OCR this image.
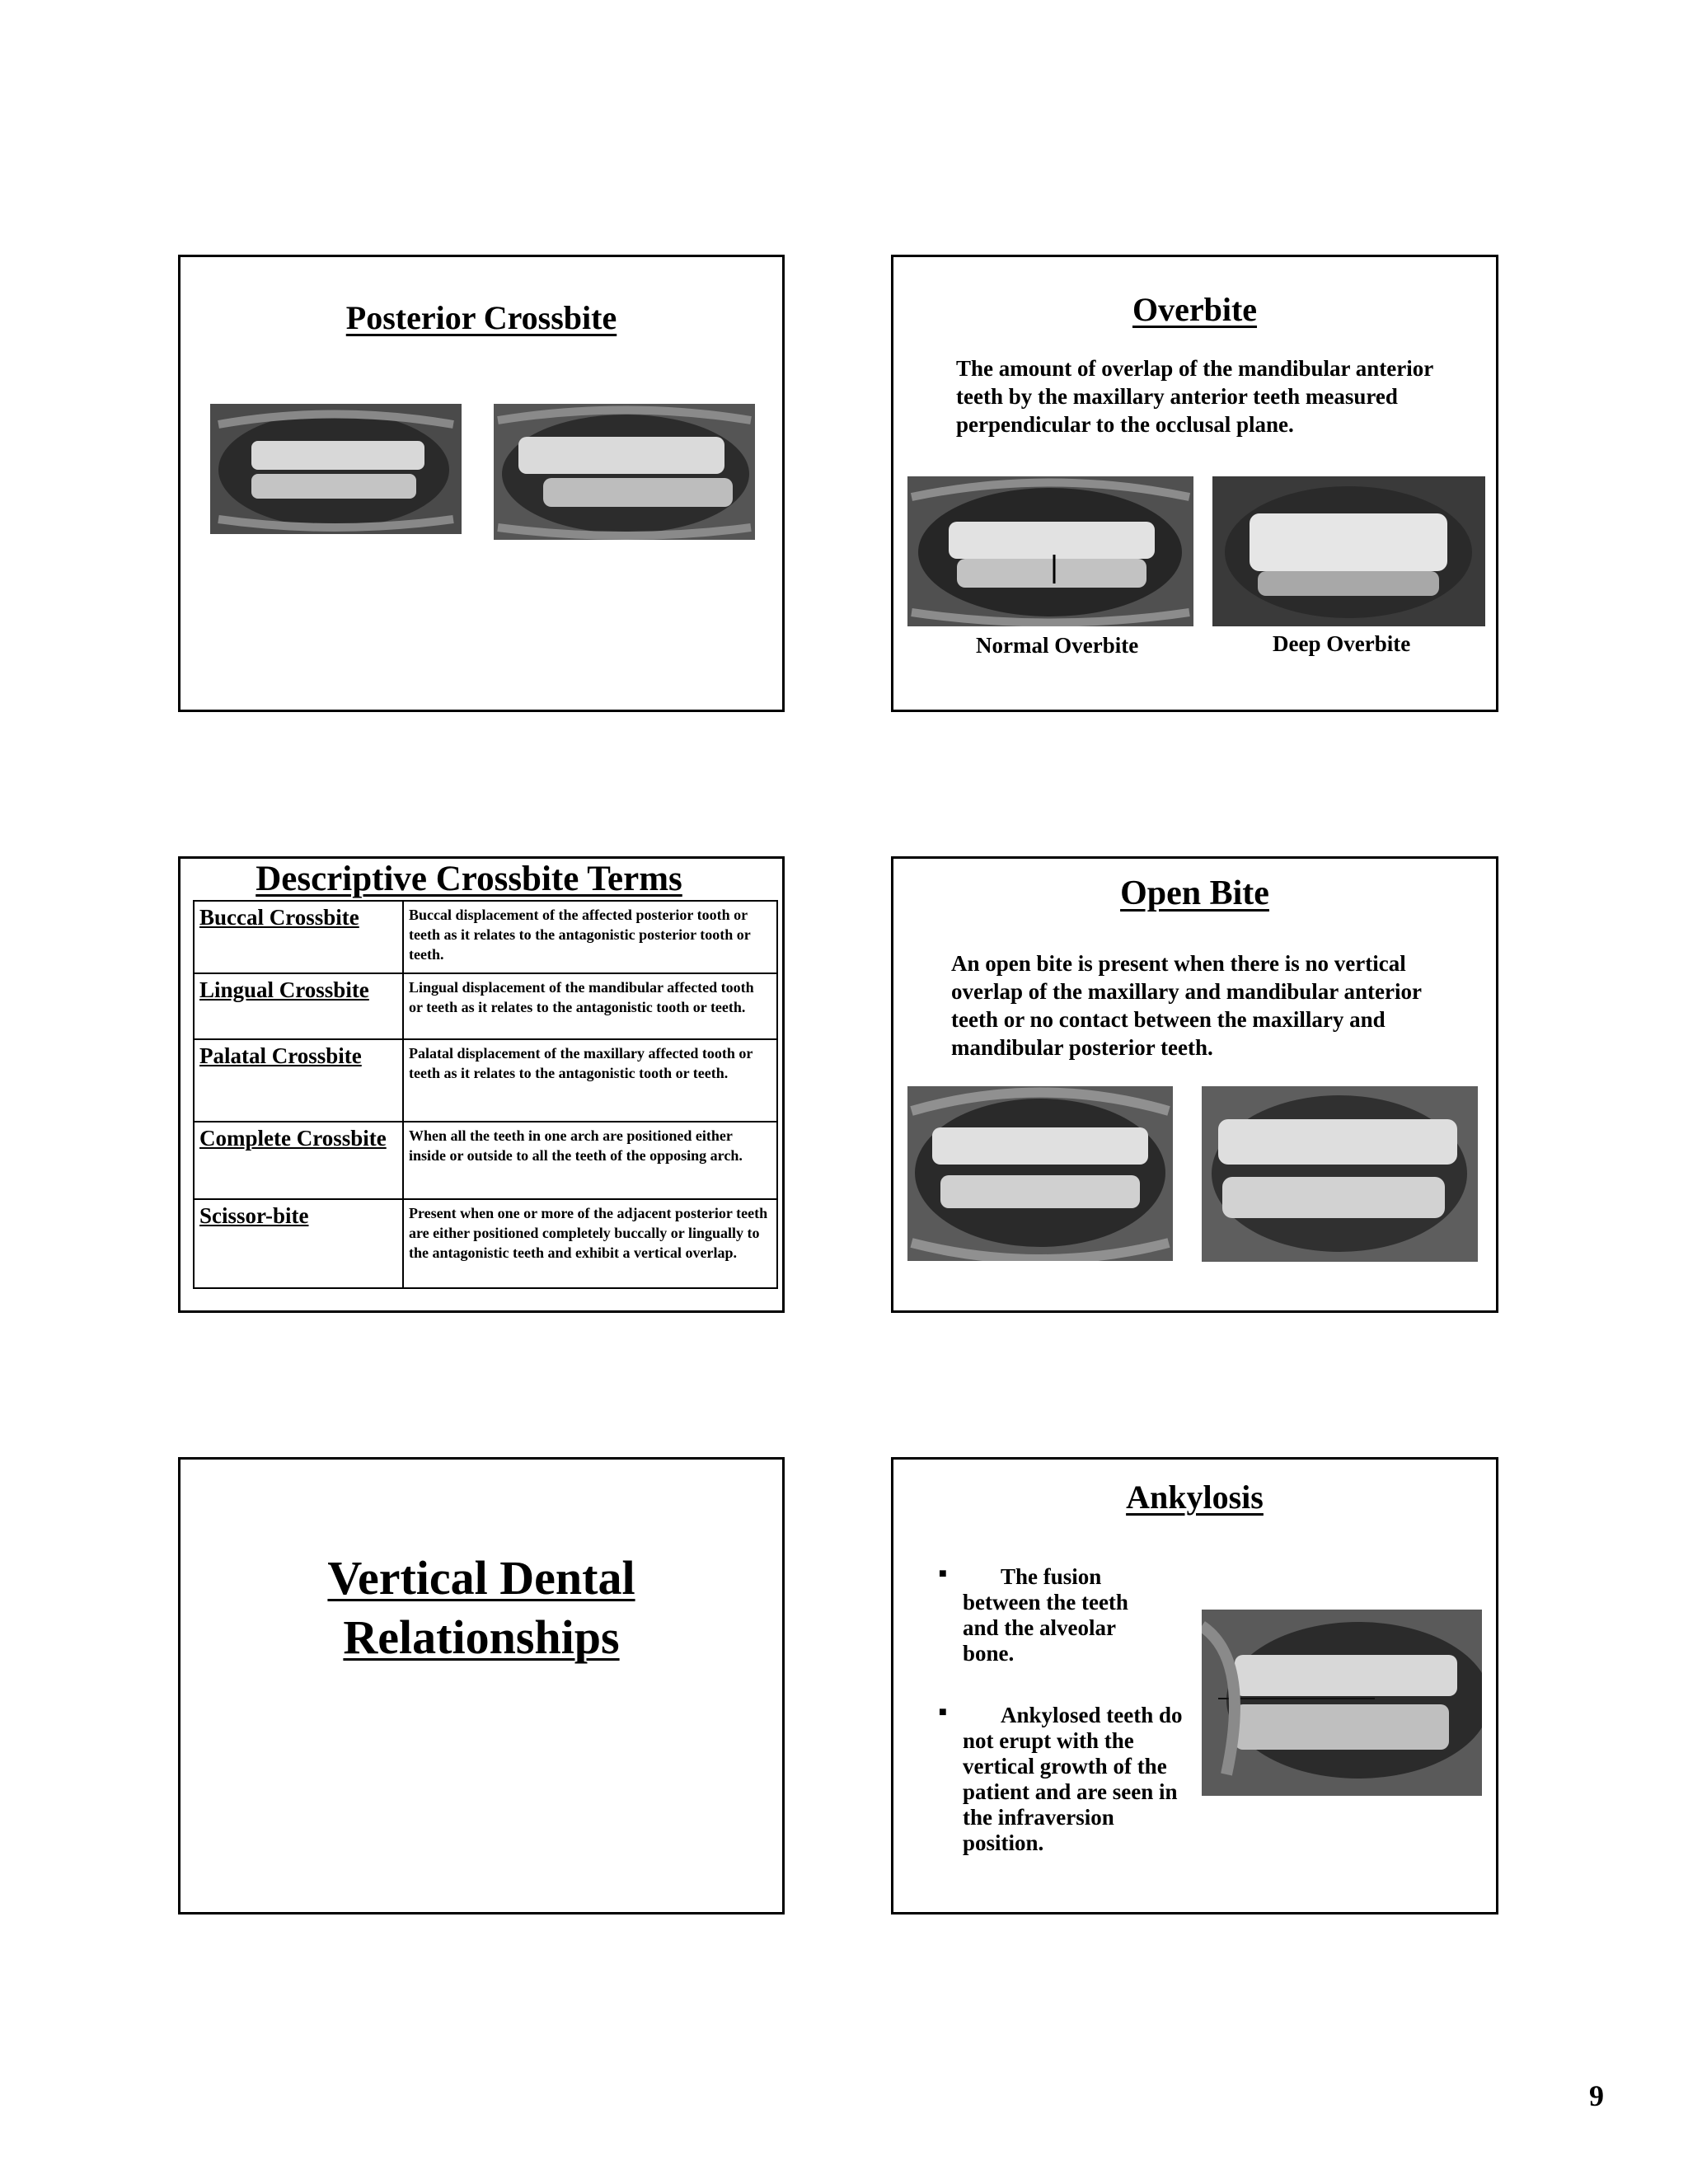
Posterior Crossbite	Overbite
The amount of overlap of the mandibular anterior teeth by the maxillary anterior teeth measured perpendicular to the occlusal plane.
Normal Overbite	Deep Overbite
Descriptive Crossbite Terms
Buccal Crossbite	Buccal displacement of the affected posterior tooth or teeth as it relates to the antagonistic posterior tooth or teeth.
Lingual Crossbite	Lingual displacement of the mandibular affected tooth or teeth as it relates to the antagonistic tooth or teeth.
Palatal Crossbite	Palatal displacement of the maxillary affected tooth or teeth as it relates to the antagonistic tooth or teeth.
Complete Crossbite	When all the teeth in one arch are positioned either inside or outside to all the teeth of the opposing arch.
Scissor-bite	Present when one or more of the adjacent posterior teeth are either positioned completely buccally or lingually to the antagonistic teeth and exhibit a vertical overlap.
Open Bite
An open bite is present when there is no vertical overlap of the maxillary and mandibular anterior teeth or no contact between the maxillary and mandibular posterior teeth.
Vertical Dental
Relationships
Ankylosis
■	The fusion between the teeth and the alveolar bone.
■	Ankylosed teeth do not erupt with the vertical growth of the patient and are seen in the infraversion position.
9
